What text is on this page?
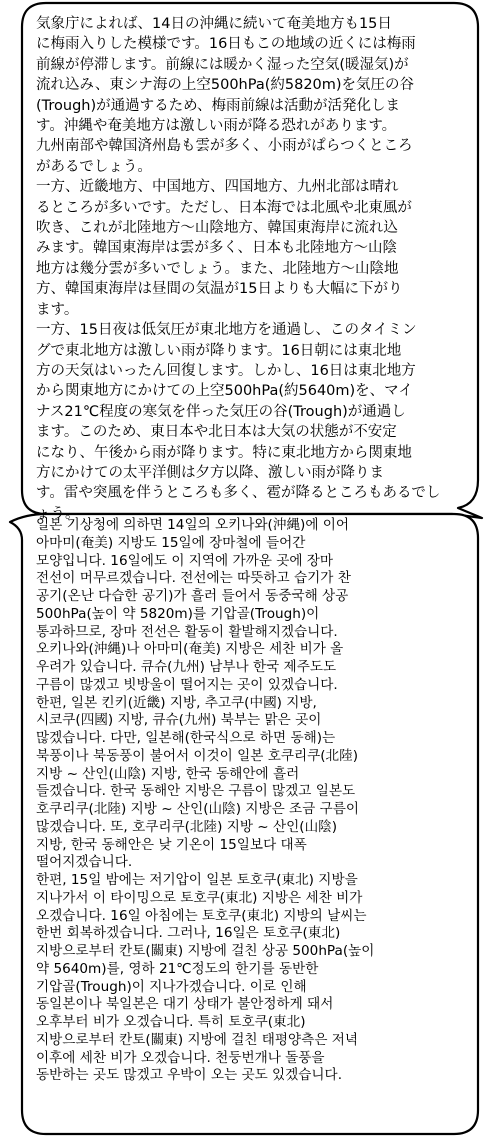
気象庁によれば、14日の沖縄に続いて奄美地方も15日
に梅雨入りした模様です。16日もこの地域の近くには梅雨
前線が停滞します。前線には暖かく湿った空気(暖湿気)が
流れ込み、東シナ海の上空500hPa(約5820m)を気圧の谷
(Trough)が通過するため、梅雨前線は活動が活発化しま
す。沖縄や奄美地方は激しい雨が降る恐れがあります。
九州南部や韓国済州島も雲が多く、小雨がぱらつくところ
があるでしょう。
一方、近畿地方、中国地方、四国地方、九州北部は晴れ
るところが多いです。ただし、日本海では北風や北東風が
吹き、これが北陸地方〜山陰地方、韓国東海岸に流れ込
みます。韓国東海岸は雲が多く、日本も北陸地方〜山陰
地方は幾分雲が多いでしょう。また、北陸地方〜山陰地
方、韓国東海岸は昼間の気温が15日よりも大幅に下がり
ます。
一方、15日夜は低気圧が東北地方を通過し、このタイミン
グで東北地方は激しい雨が降ります。16日朝には東北地
方の天気はいったん回復します。しかし、16日は東北地方
から関東地方にかけての上空500hPa(約5640m)を、マイ
ナス21℃程度の寒気を伴った気圧の谷(Trough)が通過し
ます。このため、東日本や北日本は大気の状態が不安定
になり、午後から雨が降ります。特に東北地方から関東地
方にかけての太平洋側は夕方以降、激しい雨が降りま
す。雷や突風を伴うところも多く、雹が降るところもあるでし
ょう。
일본 기상청에 의하면 14일의 오키나와(沖縄)에 이어
아마미(奄美) 지방도 15일에 장마철에 들어간
모양입니다. 16일에도 이 지역에 가까운 곳에 장마
전선이 머무르겠습니다. 전선에는 따뜻하고 습기가 찬
공기(온난 다습한 공기)가 흘러 들어서 동중국해 상공
500hPa(높이 약 5820m)를 기압골(Trough)이
통과하므로, 장마 전선은 활동이 활발해지겠습니다.
오키나와(沖縄)나 아마미(奄美) 지방은 세찬 비가 올
우려가 있습니다. 큐슈(九州) 남부나 한국 제주도도
구름이 많겠고 빗방울이 떨어지는 곳이 있겠습니다.
한편, 일본 킨키(近畿) 지방, 추고쿠(中國) 지방,
시코쿠(四國) 지방, 큐슈(九州) 북부는 맑은 곳이
많겠습니다. 다만, 일본해(한국식으로 하면 동해)는
북풍이나 북동풍이 불어서 이것이 일본 호쿠리쿠(北陸)
지방 ~ 산인(山陰) 지방, 한국 동해안에 흘러
들겠습니다. 한국 동해안 지방은 구름이 많겠고 일본도
호쿠리쿠(北陸) 지방 ~ 산인(山陰) 지방은 조금 구름이
많겠습니다. 또, 호쿠리쿠(北陸) 지방 ~ 산인(山陰)
지방, 한국 동해안은 낮 기온이 15일보다 대폭
떨어지겠습니다.
한편, 15일 밤에는 저기압이 일본 토호쿠(東北) 지방을
지나가서 이 타이밍으로 토호쿠(東北) 지방은 세찬 비가
오겠습니다. 16일 아침에는 토호쿠(東北) 지방의 날씨는
한번 회복하겠습니다. 그러나, 16일은 토호쿠(東北)
지방으로부터 칸토(關東) 지방에 걸친 상공 500hPa(높이
약 5640m)를, 영하 21℃정도의 한기를 동반한
기압골(Trough)이 지나가겠습니다. 이로 인해
동일본이나 북일본은 대기 상태가 불안정하게 돼서
오후부터 비가 오겠습니다. 특히 토호쿠(東北)
지방으로부터 칸토(關東) 지방에 걸친 태평양측은 저녁
이후에 세찬 비가 오겠습니다. 천둥번개나 돌풍을
동반하는 곳도 많겠고 우박이 오는 곳도 있겠습니다.
